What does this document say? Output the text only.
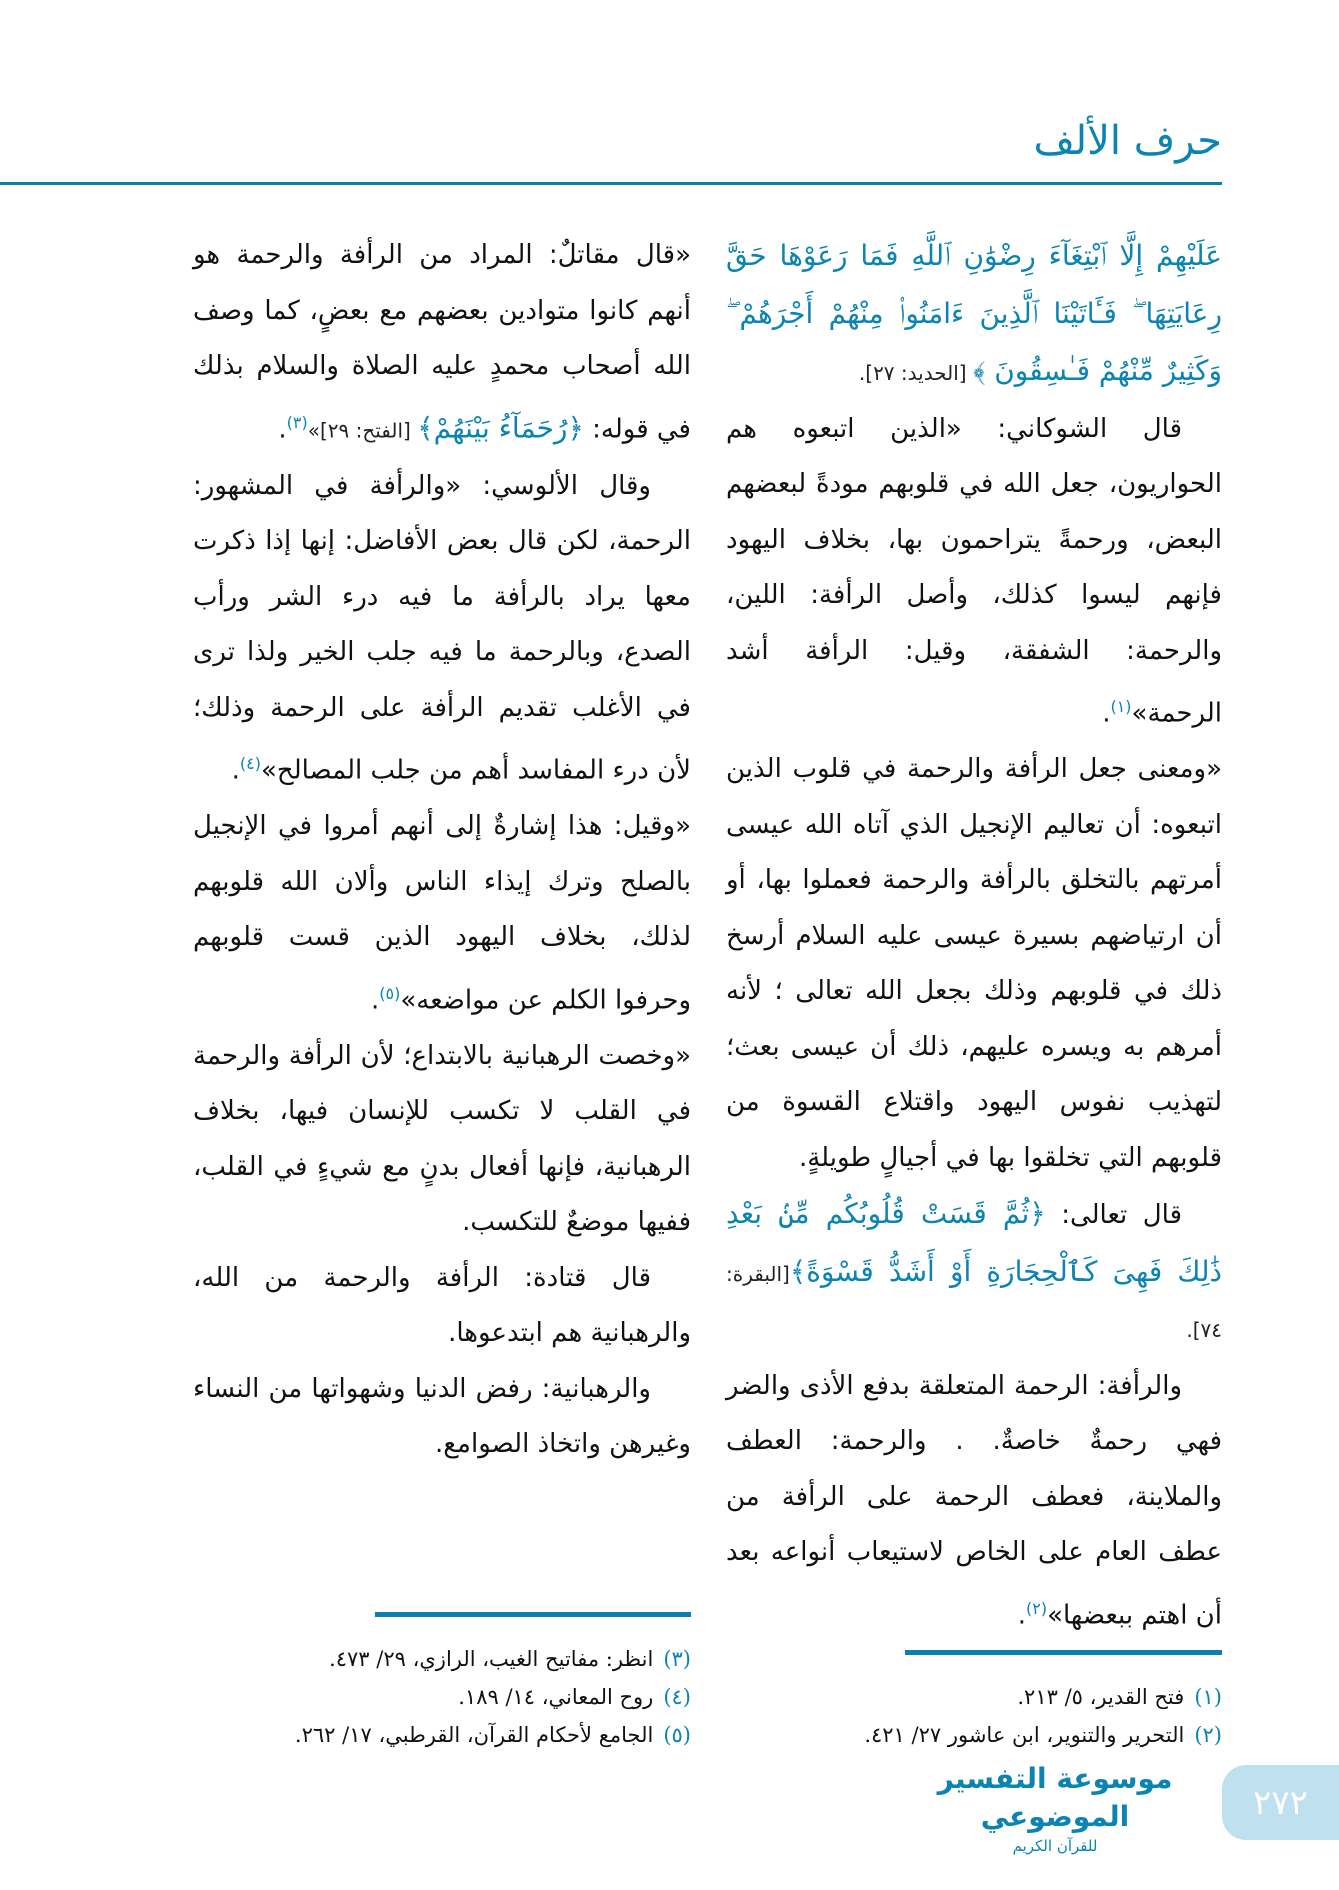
حرف الألف

عَلَيْهِمْ إِلَّا ٱبْتِغَآءَ رِضْوَٰنِ ٱللَّهِ فَمَا رَعَوْهَا حَقَّ رِعَايَتِهَا ۖ فَـَٔاتَيْنَا ٱلَّذِينَ ءَامَنُوا۟ مِنْهُمْ أَجْرَهُمْ ۖ وَكَثِيرٌ مِّنْهُمْ فَـٰسِقُونَ ﴾ [الحديد: ٢٧].

قال الشوكاني: «الذين اتبعوه هم الحواريون، جعل الله في قلوبهم مودةً لبعضهم البعض، ورحمةً يتراحمون بها، بخلاف اليهود فإنهم ليسوا كذلك، وأصل الرأفة: اللين، والرحمة: الشفقة، وقيل: الرأفة أشد الرحمة»$^{(١)}$.

«ومعنى جعل الرأفة والرحمة في قلوب الذين اتبعوه: أن تعاليم الإنجيل الذي آتاه الله عيسى أمرتهم بالتخلق بالرأفة والرحمة فعملوا بها، أو أن ارتياضهم بسيرة عيسى عليه السلام أرسخ ذلك في قلوبهم وذلك بجعل الله تعالى ؛ لأنه أمرهم به ويسره عليهم، ذلك أن عيسى بعث؛ لتهذيب نفوس اليهود واقتلاع القسوة من قلوبهم التي تخلقوا بها في أجيالٍ طويلةٍ.

قال تعالى: ﴿ثُمَّ قَسَتْ قُلُوبُكُم مِّنۢ بَعْدِ ذَٰلِكَ فَهِىَ كَٱلْحِجَارَةِ أَوْ أَشَدُّ قَسْوَةً﴾[البقرة: ٧٤].

والرأفة: الرحمة المتعلقة بدفع الأذى والضر فهي رحمةٌ خاصةٌ. . والرحمة: العطف والملاينة، فعطف الرحمة على الرأفة من عطف العام على الخاص لاستيعاب أنواعه بعد أن اهتم ببعضها»$^{(٢)}$.

«قال مقاتلٌ: المراد من الرأفة والرحمة هو أنهم كانوا متوادين بعضهم مع بعضٍ، كما وصف الله أصحاب محمدٍ عليه الصلاة والسلام بذلك في قوله: ﴿رُحَمَآءُ بَيْنَهُمْ﴾ [الفتح: ٢٩]»$^{(٣)}$.

وقال الألوسي: «والرأفة في المشهور: الرحمة، لكن قال بعض الأفاضل: إنها إذا ذكرت معها يراد بالرأفة ما فيه درء الشر ورأب الصدع، وبالرحمة ما فيه جلب الخير ولذا ترى في الأغلب تقديم الرأفة على الرحمة وذلك؛ لأن درء المفاسد أهم من جلب المصالح»$^{(٤)}$.

«وقيل: هذا إشارةٌ إلى أنهم أمروا في الإنجيل بالصلح وترك إيذاء الناس وألان الله قلوبهم لذلك، بخلاف اليهود الذين قست قلوبهم وحرفوا الكلم عن مواضعه»$^{(٥)}$.

«وخصت الرهبانية بالابتداع؛ لأن الرأفة والرحمة في القلب لا تكسب للإنسان فيها، بخلاف الرهبانية، فإنها أفعال بدنٍ مع شيءٍ في القلب، ففيها موضعٌ للتكسب.

قال قتادة: الرأفة والرحمة من الله، والرهبانية هم ابتدعوها.

والرهبانية: رفض الدنيا وشهواتها من النساء وغيرهن واتخاذ الصوامع.

(٣)انظر: مفاتيح الغيب، الرازي، ٢٩/ ٤٧٣.
(٤)روح المعاني، ١٤/ ١٨٩.
(٥)الجامع لأحكام القرآن، القرطبي، ١٧/ ٢٦٢.
(١)فتح القدير، ٥/ ٢١٣.
(٢)التحرير والتنوير، ابن عاشور ٢٧/ ٤٢١.
موسوعة التفسير الموضوعي
للقرآن الكريم
٢٧٢
